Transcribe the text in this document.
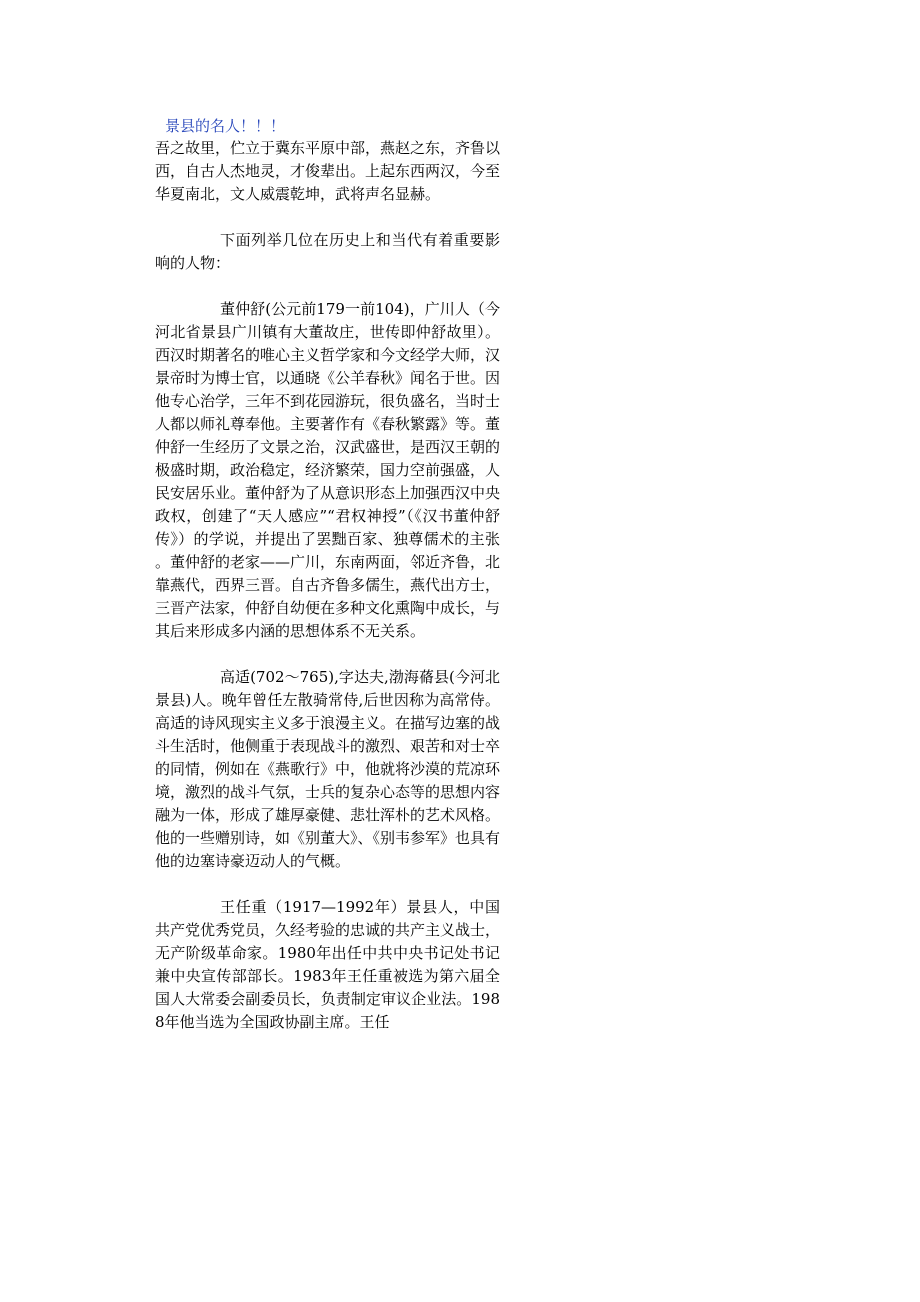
景县的名人！！！

吾之故里，伫立于冀东平原中部，燕赵之东，齐鲁以西，自古人杰地灵，才俊辈出。上起东西两汉，今至华夏南北，文人威震乾坤，武将声名显赫。

下面列举几位在历史上和当代有着重要影响的人物：

董仲舒(公元前179一前104)，广川人（今河北省景县广川镇有大董故庄，世传即仲舒故里）。西汉时期著名的唯心主义哲学家和今文经学大师，汉景帝时为博士官，以通晓《公羊春秋》闻名于世。因他专心治学，三年不到花园游玩，很负盛名，当时士人都以师礼尊奉他。主要著作有《春秋繁露》等。董仲舒一生经历了文景之治，汉武盛世，是西汉王朝的极盛时期，政治稳定，经济繁荣，国力空前强盛，人民安居乐业。董仲舒为了从意识形态上加强西汉中央政权，创建了“天人感应”“君权神授”（《汉书董仲舒传》）的学说，并提出了罢黜百家、独尊儒术的主张。董仲舒的老家——广川，东南两面，邻近齐鲁，北靠燕代，西界三晋。自古齐鲁多儒生，燕代出方士，三晋产法家，仲舒自幼便在多种文化熏陶中成长，与其后来形成多内涵的思想体系不无关系。

高适(702～765),字达夫,渤海蓨县(今河北景县)人。晚年曾任左散骑常侍,后世因称为高常侍。高适的诗风现实主义多于浪漫主义。在描写边塞的战斗生活时，他侧重于表现战斗的激烈、艰苦和对士卒的同情，例如在《燕歌行》中，他就将沙漠的荒凉环境，激烈的战斗气氛，士兵的复杂心态等的思想内容融为一体，形成了雄厚豪健、悲壮浑朴的艺术风格。他的一些赠别诗，如《别董大》、《别韦参军》也具有他的边塞诗豪迈动人的气概。

王任重（1917—1992年）景县人，中国共产党优秀党员，久经考验的忠诚的共产主义战士，无产阶级革命家。1980年出任中共中央书记处书记兼中央宣传部部长。1983年王任重被选为第六届全国人大常委会副委员长，负责制定审议企业法。1988年他当选为全国政协副主席。王任
